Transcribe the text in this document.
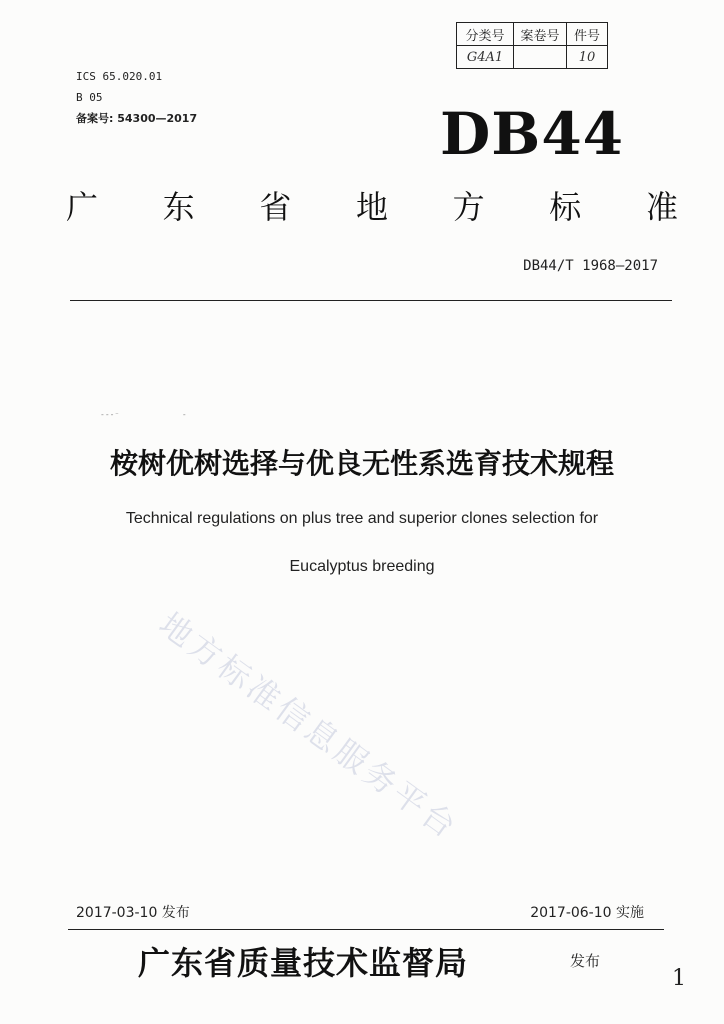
分类号	案卷号	件号
G4A1		10
ICS 65.020.01
B 05
备案号: 54300—2017	DB44
广 东 省 地 方 标 准
DB44/T 1968—2017
‐‑‐⁻             ‐
桉树优树选择与优良无性系选育技术规程
Technical regulations on plus tree and superior clones selection for
Eucalyptus breeding
地方标准信息服务平台
2017-03-10 发布	2017-06-10 实施
广东省质量技术监督局	发布
1
